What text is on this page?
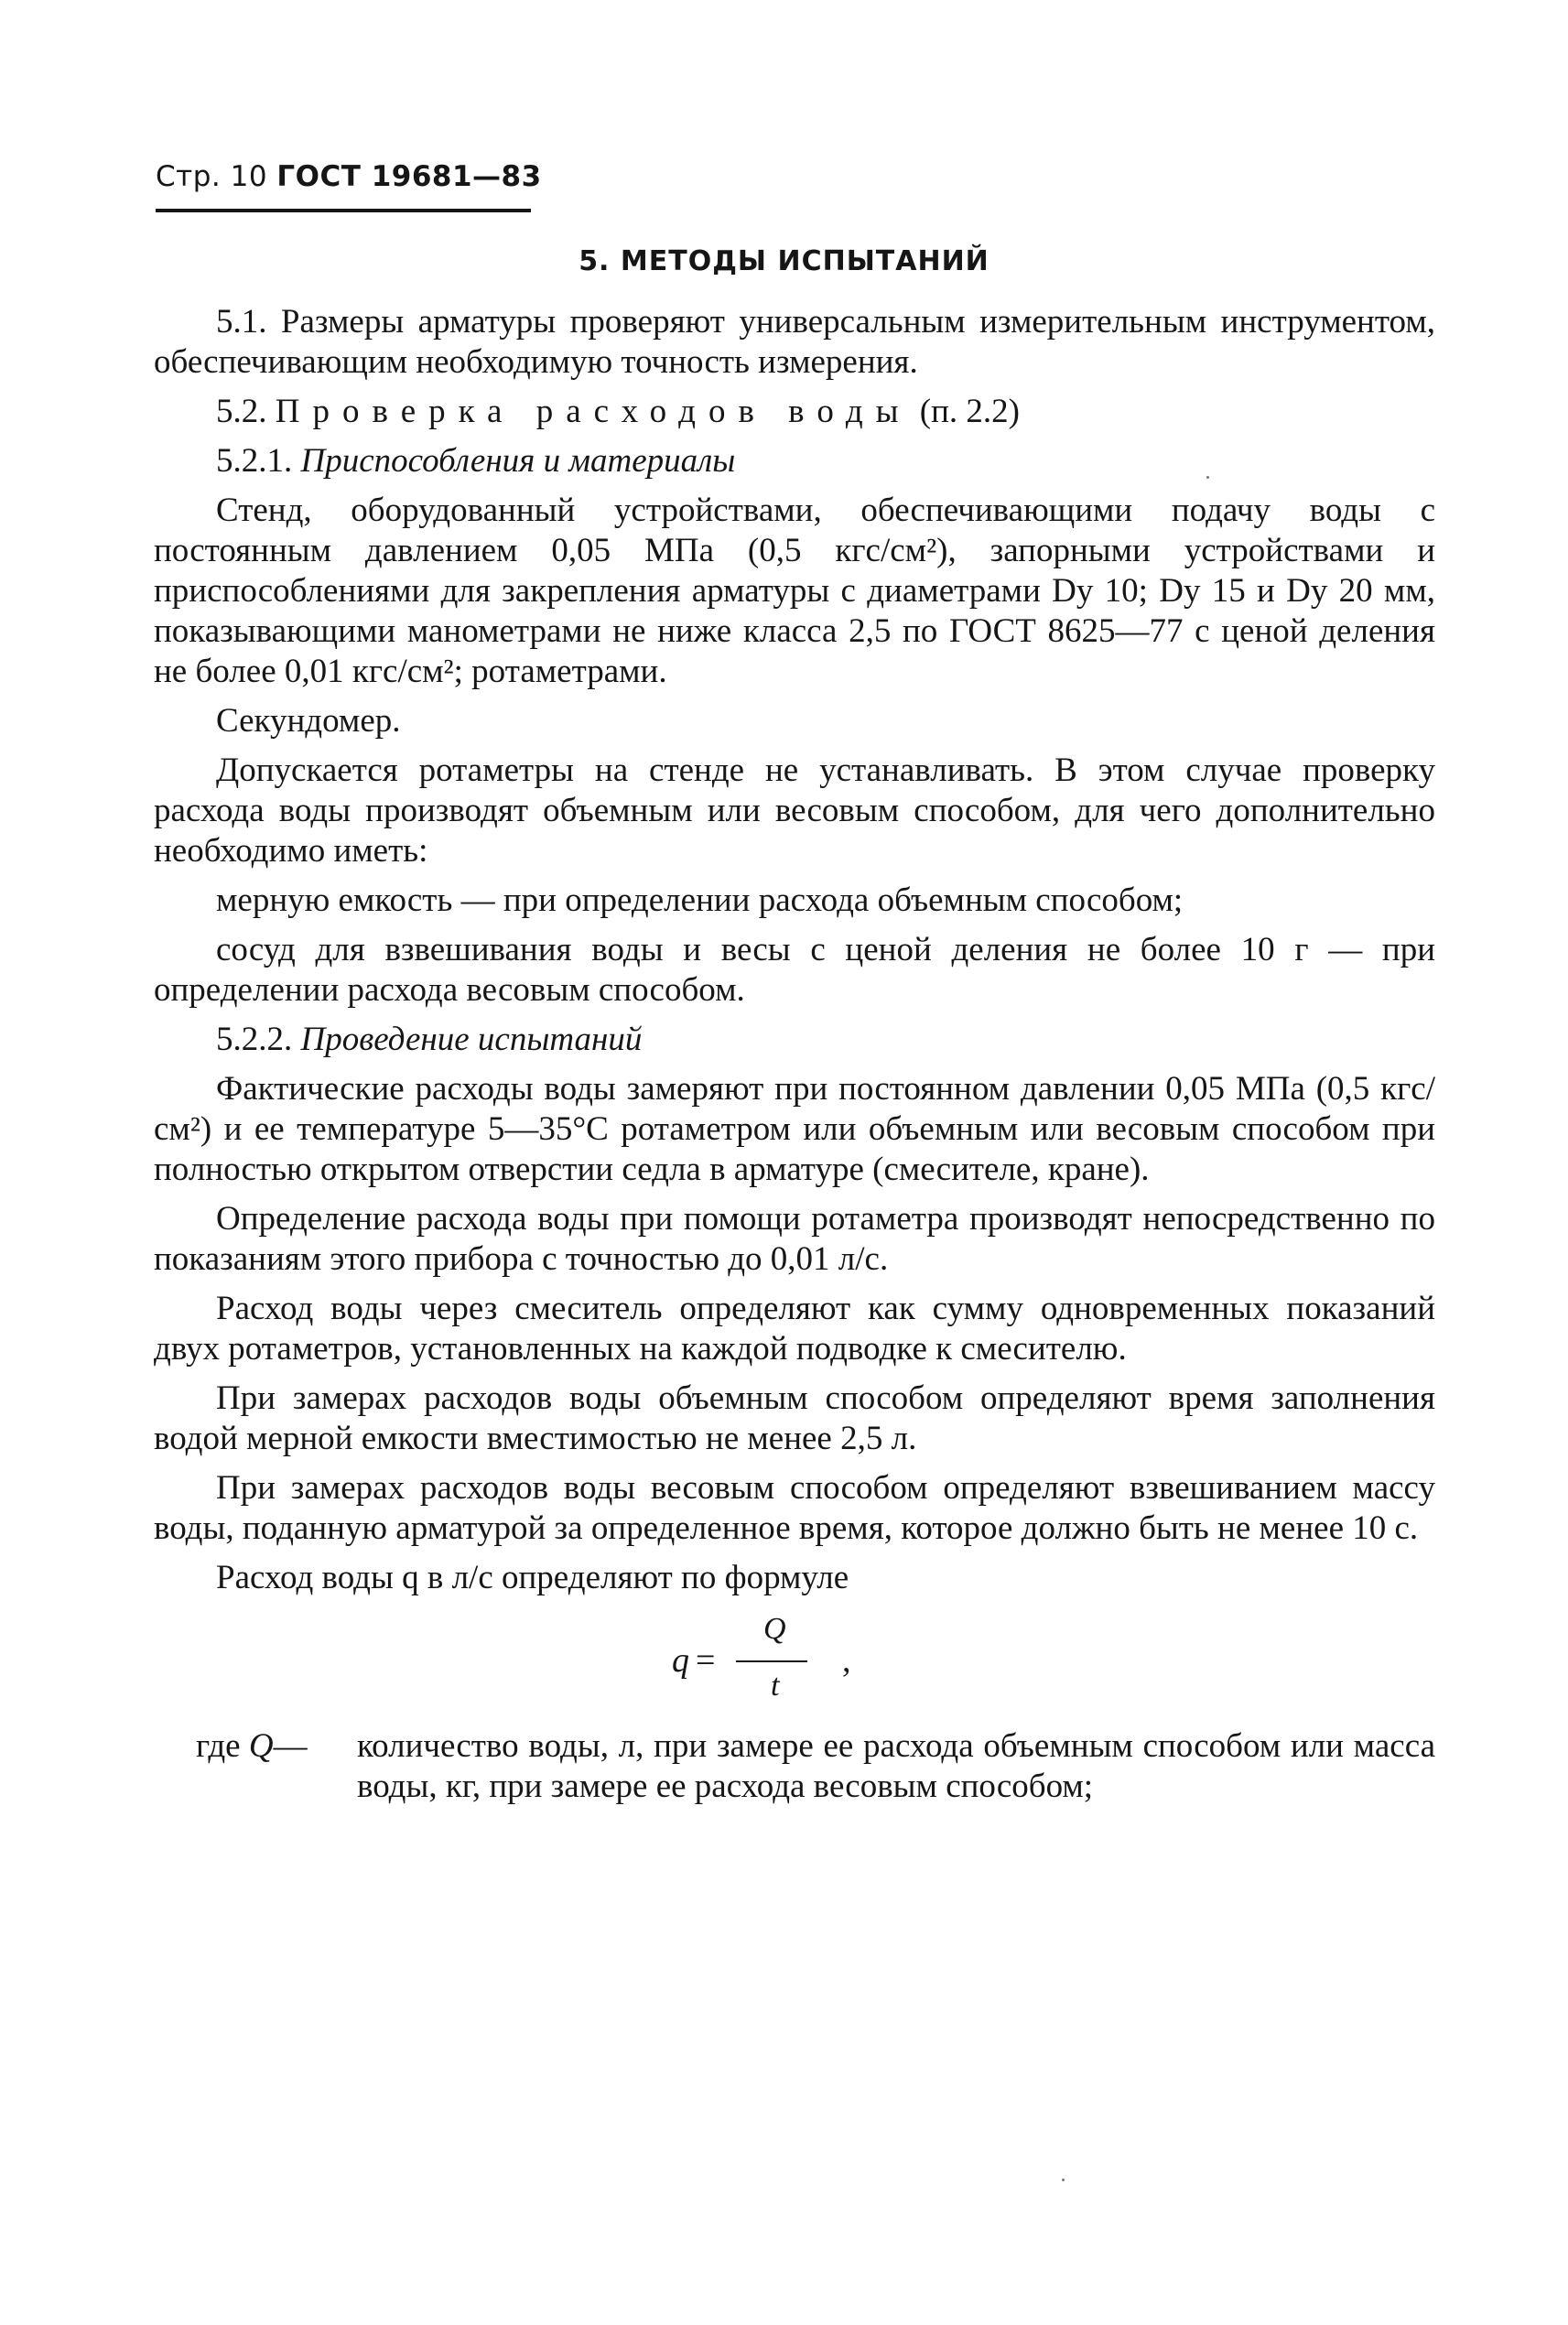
Стр. 10 ГОСТ 19681—83
5. МЕТОДЫ ИСПЫТАНИЙ

5.1. Размеры арматуры проверяют универсальным измерительным инструментом, обеспечивающим необходимую точность измерения.

5.2. Проверка расходов воды (п. 2.2)

5.2.1. Приспособления и материалы

Стенд, оборудованный устройствами, обеспечивающими подачу воды с постоянным давлением 0,05 МПа (0,5 кгс/см²), запорными устройствами и приспособлениями для закрепления арматуры с диаметрами Dy 10; Dy 15 и Dy 20 мм, показывающими манометрами не ниже класса 2,5 по ГОСТ 8625—77 с ценой деления не более 0,01 кгс/см²; ротаметрами.

Секундомер.

Допускается ротаметры на стенде не устанавливать. В этом случае проверку расхода воды производят объемным или весовым способом, для чего дополнительно необходимо иметь:

мерную емкость — при определении расхода объемным способом;

сосуд для взвешивания воды и весы с ценой деления не более 10 г — при определении расхода весовым способом.

5.2.2. Проведение испытаний

Фактические расходы воды замеряют при постоянном давлении 0,05 МПа (0,5 кгс/см²) и ее температуре 5—35°С ротаметром или объемным или весовым способом при полностью открытом отверстии седла в арматуре (смесителе, кране).

Определение расхода воды при помощи ротаметра производят непосредственно по показаниям этого прибора с точностью до 0,01 л/с.

Расход воды через смеситель определяют как сумму одновременных показаний двух ротаметров, установленных на каждой подводке к смесителю.

При замерах расходов воды объемным способом определяют время заполнения водой мерной емкости вместимостью не менее 2,5 л.

При замерах расходов воды весовым способом определяют взвешиванием массу воды, поданную арматурой за определенное время, которое должно быть не менее 10 с.

Расход воды q в л/с определяют по формуле

q =
Q
t
,
где Q— количество воды, л, при замере ее расхода объемным способом или масса воды, кг, при замере ее расхода весовым способом;
